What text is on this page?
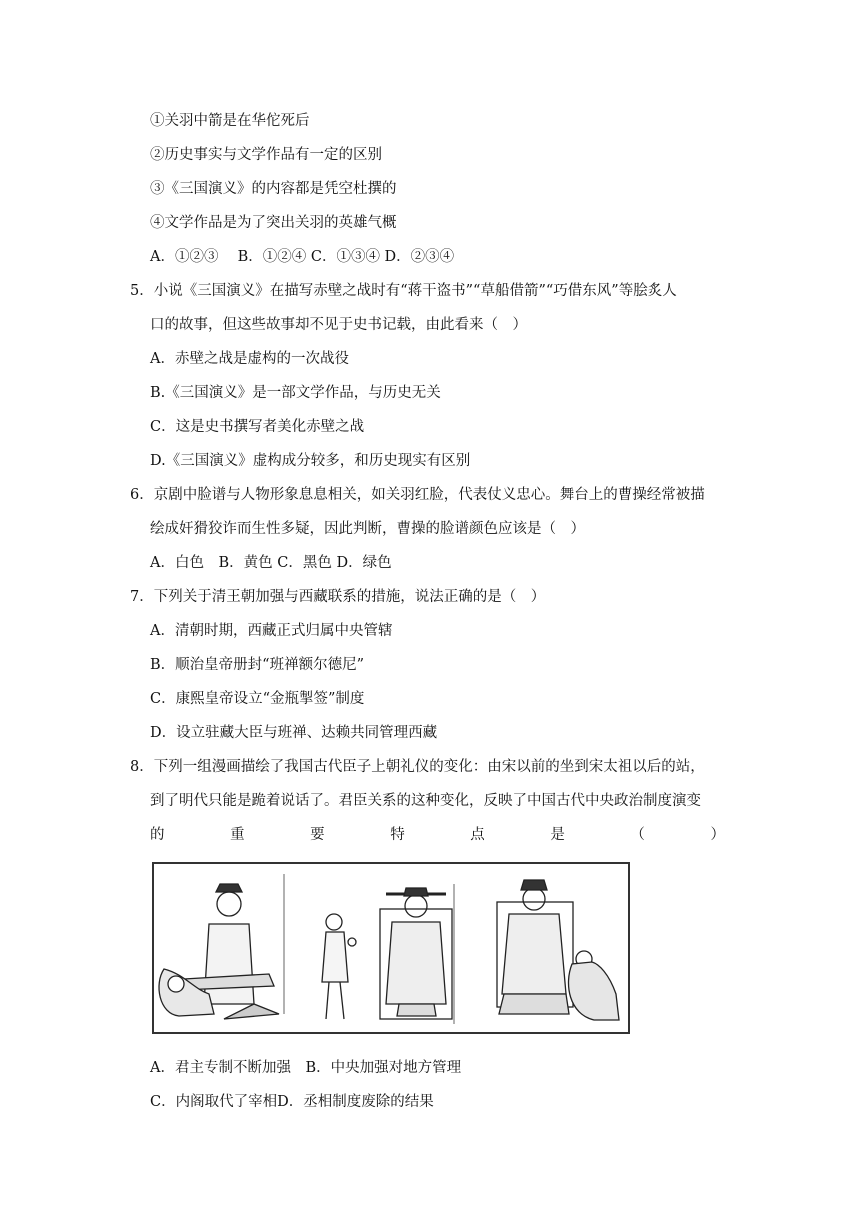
①关羽中箭是在华佗死后
②历史事实与文学作品有一定的区别
③《三国演义》的内容都是凭空杜撰的
④文学作品是为了突出关羽的英雄气概
A．①②③　 B．①②④ C．①③④ D．②③④
5．小说《三国演义》在描写赤壁之战时有“蒋干盗书”“草船借箭”“巧借东风”等脍炙人
口的故事，但这些故事却不见于史书记载，由此看来（　）
A．赤壁之战是虚构的一次战役
B.《三国演义》是一部文学作品，与历史无关
C．这是史书撰写者美化赤壁之战
D.《三国演义》虚构成分较多，和历史现实有区别
6．京剧中脸谱与人物形象息息相关，如关羽红脸，代表仗义忠心。舞台上的曹操经常被描
绘成奸猾狡诈而生性多疑，因此判断，曹操的脸谱颜色应该是（　）
A．白色　B．黄色 C．黑色 D．绿色
7．下列关于清王朝加强与西藏联系的措施，说法正确的是（　）
A．清朝时期，西藏正式归属中央管辖
B．顺治皇帝册封“班禅额尔德尼”
C．康熙皇帝设立“金瓶掣签”制度
D．设立驻藏大臣与班禅、达赖共同管理西藏
8．下列一组漫画描绘了我国古代臣子上朝礼仪的变化：由宋以前的坐到宋太祖以后的站，
到了明代只能是跪着说话了。君臣关系的这种变化，反映了中国古代中央政治制度演变
的	重	要	特	点	是	（	）
A．君主专制不断加强　B．中央加强对地方管理
C．内阁取代了宰相D．丞相制度废除的结果
